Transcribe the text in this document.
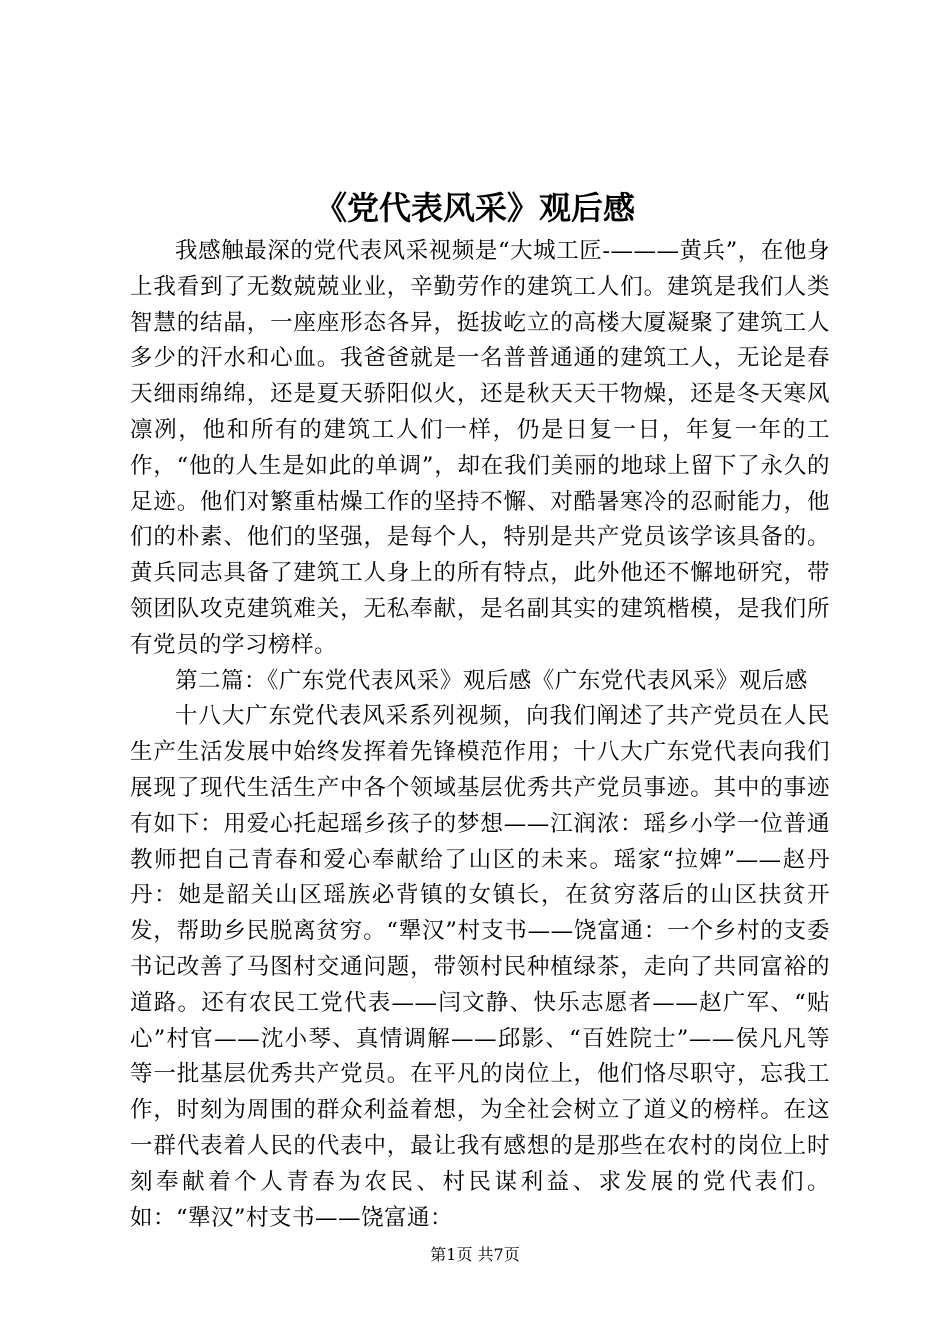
《党代表风采》观后感

我感触最深的党代表风采视频是“大城工匠-———黄兵”，在他身上我看到了无数兢兢业业，辛勤劳作的建筑工人们。建筑是我们人类智慧的结晶，一座座形态各异，挺拔屹立的高楼大厦凝聚了建筑工人多少的汗水和心血。我爸爸就是一名普普通通的建筑工人，无论是春天细雨绵绵，还是夏天骄阳似火，还是秋天天干物燥，还是冬天寒风凛冽，他和所有的建筑工人们一样，仍是日复一日，年复一年的工作，“他的人生是如此的单调”，却在我们美丽的地球上留下了永久的足迹。他们对繁重枯燥工作的坚持不懈、对酷暑寒冷的忍耐能力，他们的朴素、他们的坚强，是每个人，特别是共产党员该学该具备的。黄兵同志具备了建筑工人身上的所有特点，此外他还不懈地研究，带领团队攻克建筑难关，无私奉献，是名副其实的建筑楷模，是我们所有党员的学习榜样。

第二篇：《广东党代表风采》观后感《广东党代表风采》观后感

十八大广东党代表风采系列视频，向我们阐述了共产党员在人民生产生活发展中始终发挥着先锋模范作用；十八大广东党代表向我们展现了现代生活生产中各个领域基层优秀共产党员事迹。其中的事迹有如下：用爱心托起瑶乡孩子的梦想——江润浓：瑶乡小学一位普通教师把自己青春和爱心奉献给了山区的未来。瑶家“拉婢”——赵丹丹：她是韶关山区瑶族必背镇的女镇长，在贫穷落后的山区扶贫开发，帮助乡民脱离贫穷。“犟汉”村支书——饶富通：一个乡村的支委书记改善了马图村交通问题，带领村民种植绿茶，走向了共同富裕的道路。还有农民工党代表——闫文静、快乐志愿者——赵广军、“贴心”村官——沈小琴、真情调解——邱影、“百姓院士”——侯凡凡等等一批基层优秀共产党员。在平凡的岗位上，他们恪尽职守，忘我工作，时刻为周围的群众利益着想，为全社会树立了道义的榜样。在这一群代表着人民的代表中，最让我有感想的是那些在农村的岗位上时刻奉献着个人青春为农民、村民谋利益、求发展的党代表们。如：“犟汉”村支书——饶富通：

第1页 共7页
